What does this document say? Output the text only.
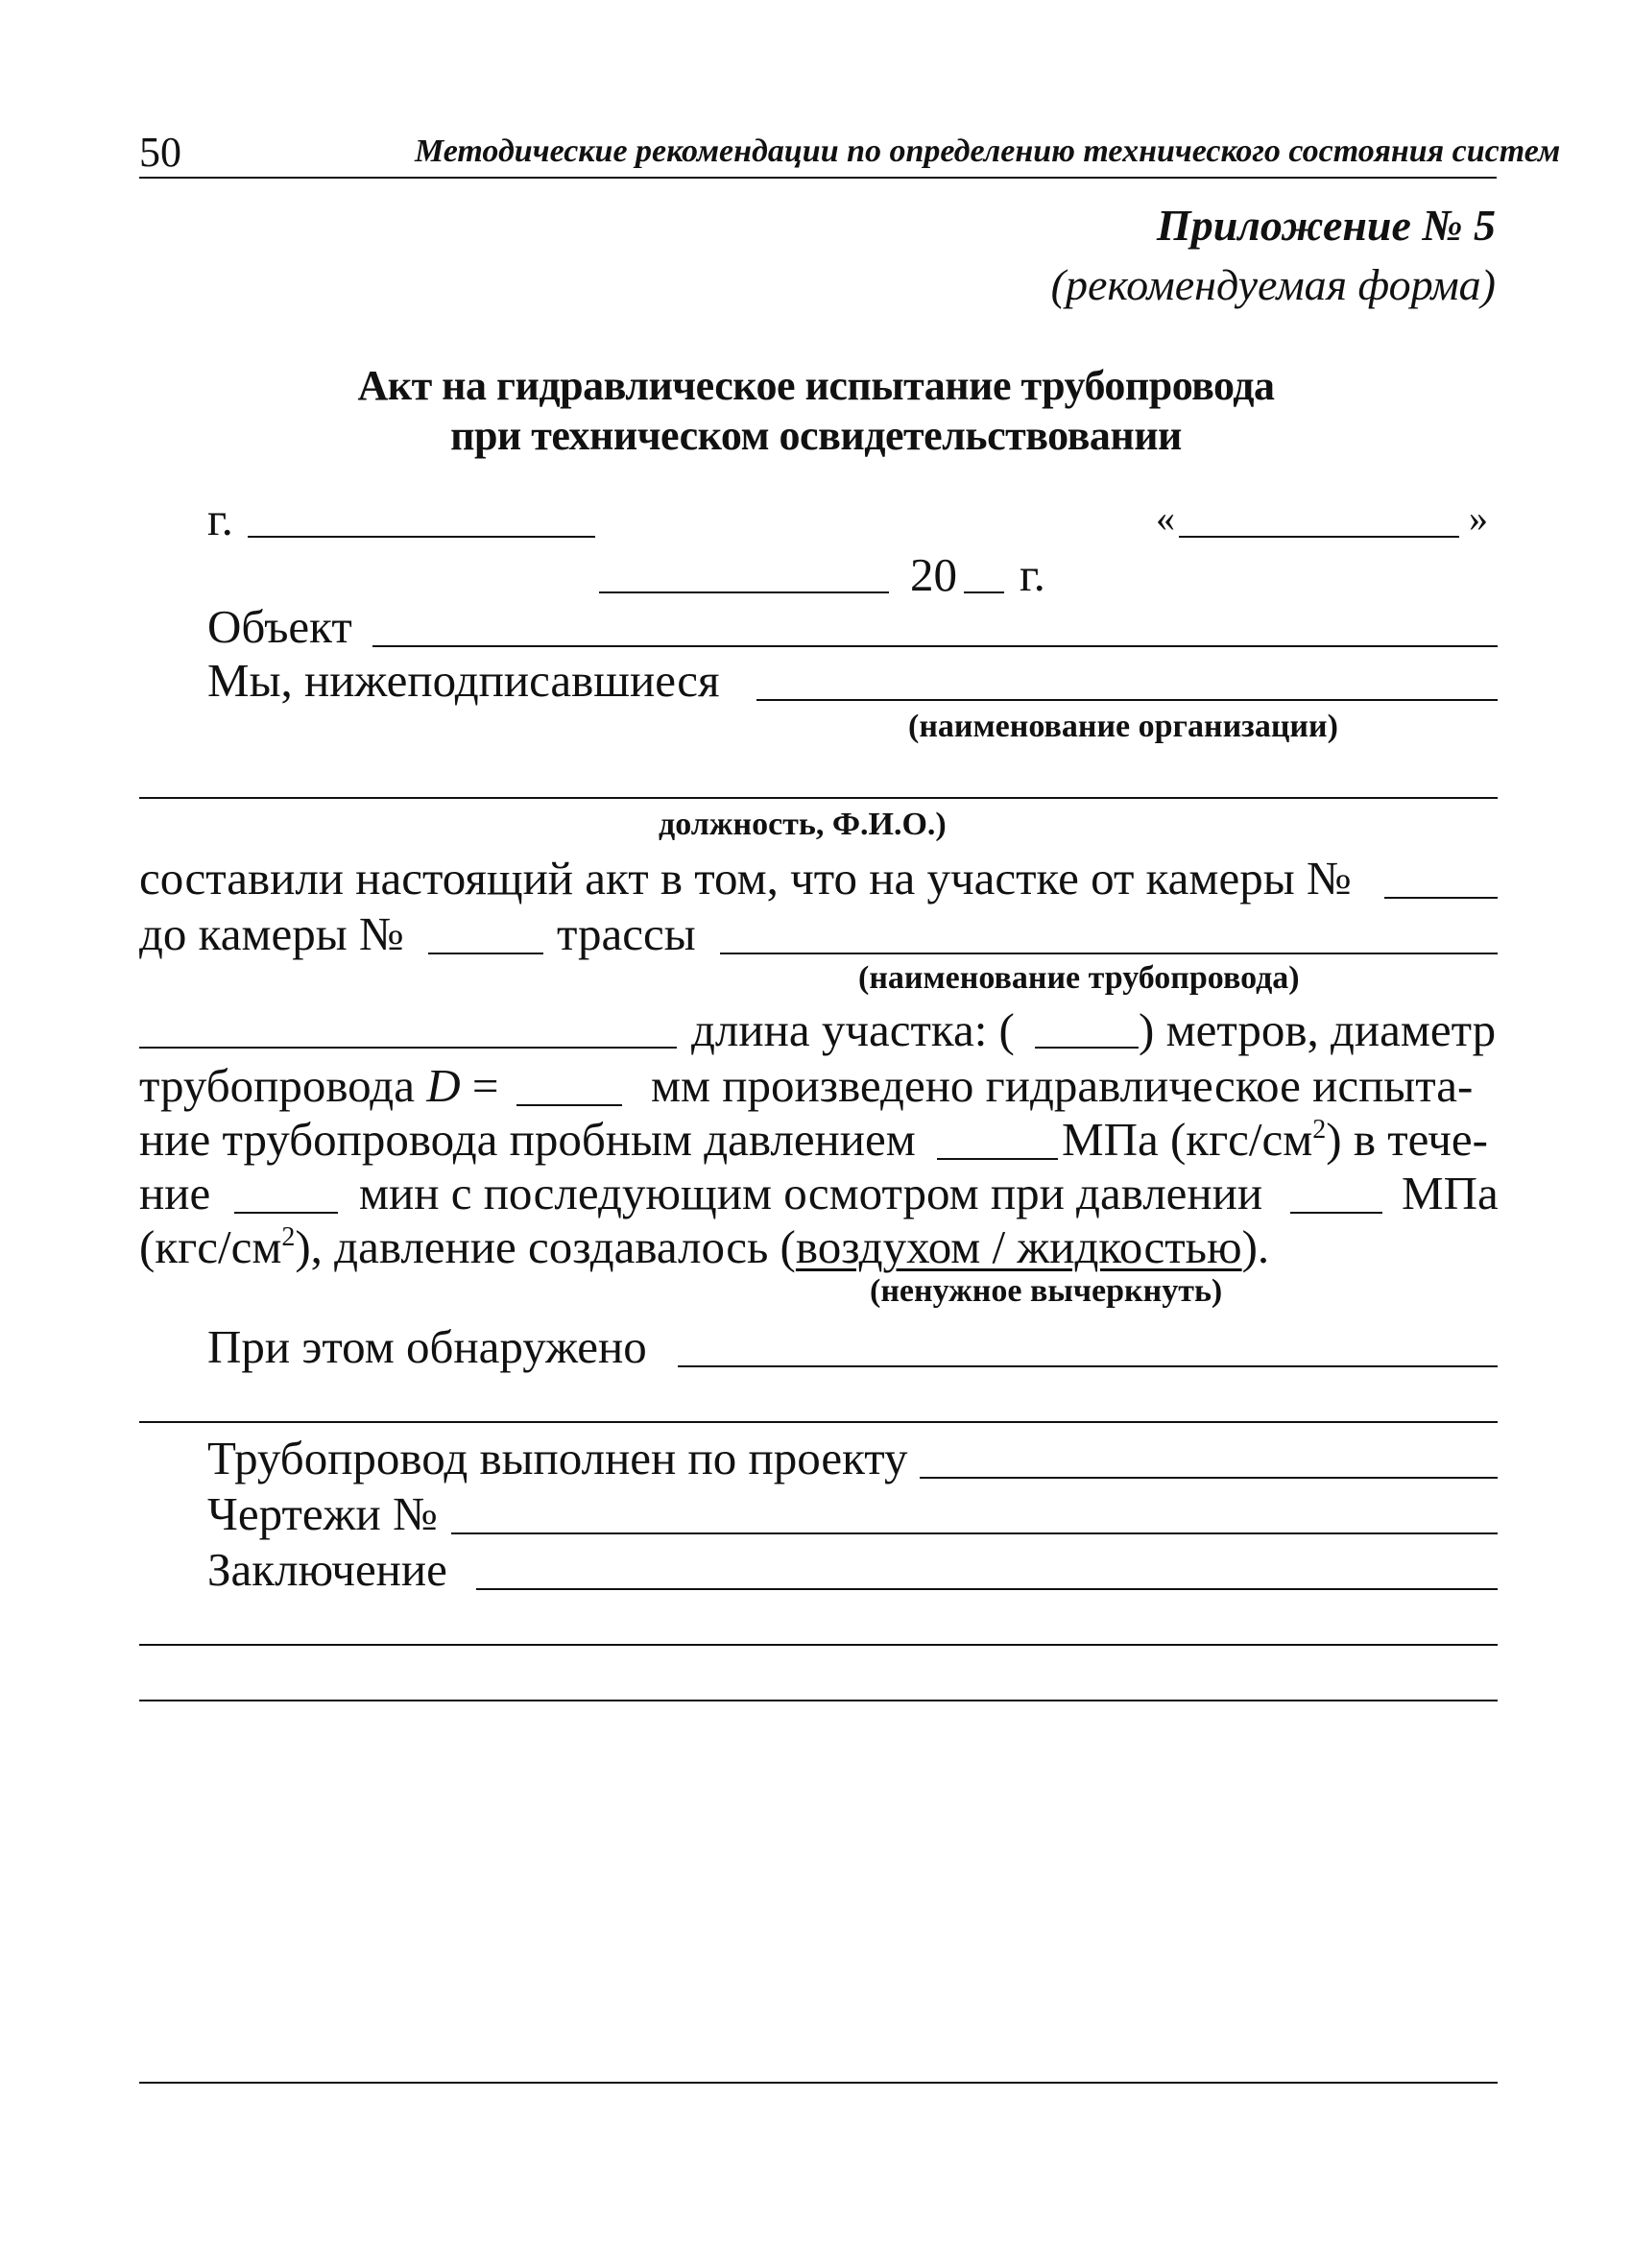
50	Методические рекомендации по определению технического состояния систем
Приложение № 5
(рекомендуемая форма)
Акт на гидравлическое испытание трубопровода
при техническом освидетельствовании
г.	«	»
20 г.
Объект
Мы, нижеподписавшиеся
(наименование организации)
должность, Ф.И.О.)
составили настоящий акт в том, что на участке от камеры №
до камеры №	трассы
(наименование трубопровода)
длина участка: (	) метров, диаметр
трубопровода D =	мм произведено гидравлическое испыта-
ние трубопровода пробным давлением	МПа $(кгс/см^2)$ в тече-
ние	мин с последующим осмотром при давлении	МПа
$(кгс/см^2)$, давление создавалось (воздухом / жидкостью).
(ненужное вычеркнуть)
При этом обнаружено
Трубопровод выполнен по проекту
Чертежи №
Заключение
